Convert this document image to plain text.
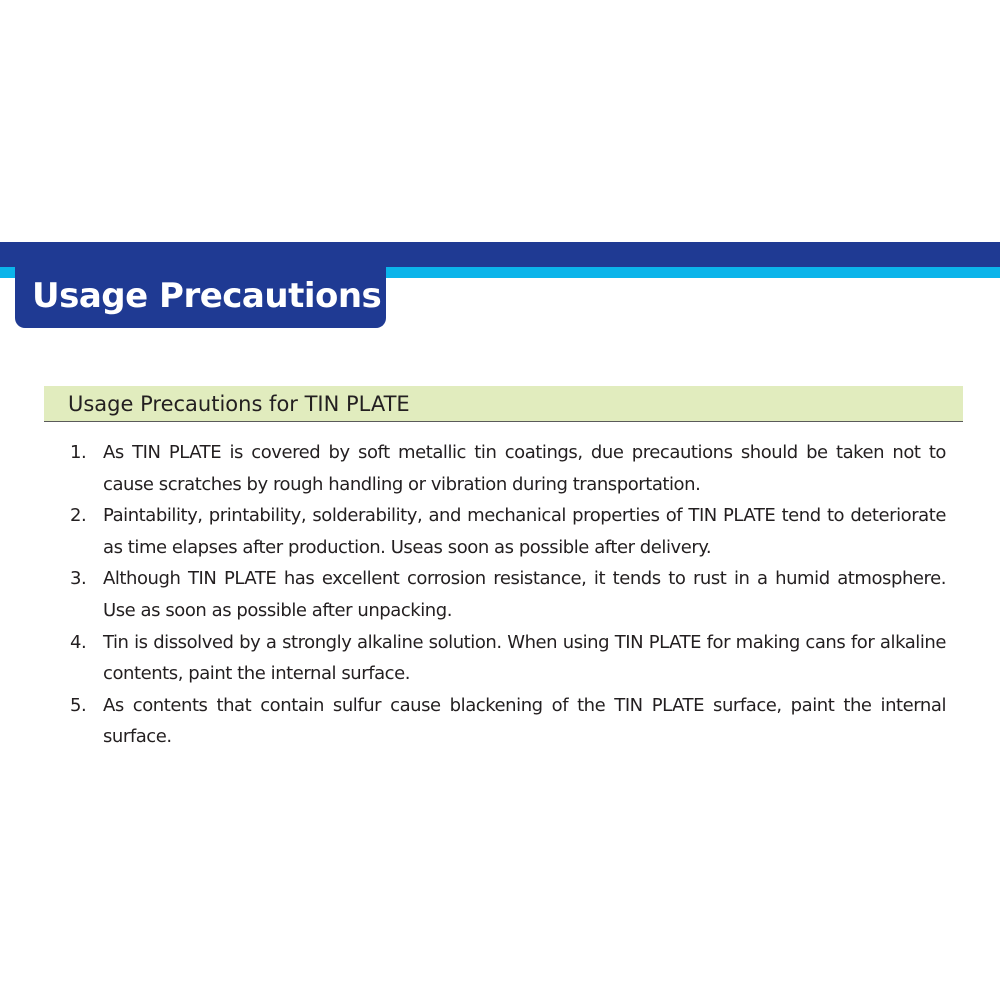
Usage Precautions
Usage Precautions for TIN PLATE
1. As TIN PLATE is covered by soft metallic tin coatings, due precautions should be taken not to cause scratches by rough handling or vibration during transportation.
2. Paintability, printability, solderability, and mechanical properties of TIN PLATE tend to deteriorate as time elapses after production. Useas soon as possible after delivery.
3. Although TIN PLATE has excellent corrosion resistance, it tends to rust in a humid atmosphere. Use as soon as possible after unpacking.
4. Tin is dissolved by a strongly alkaline solution. When using TIN PLATE for making cans for alkaline contents, paint the internal surface.
5. As contents that contain sulfur cause blackening of the TIN PLATE surface, paint the internal surface.
